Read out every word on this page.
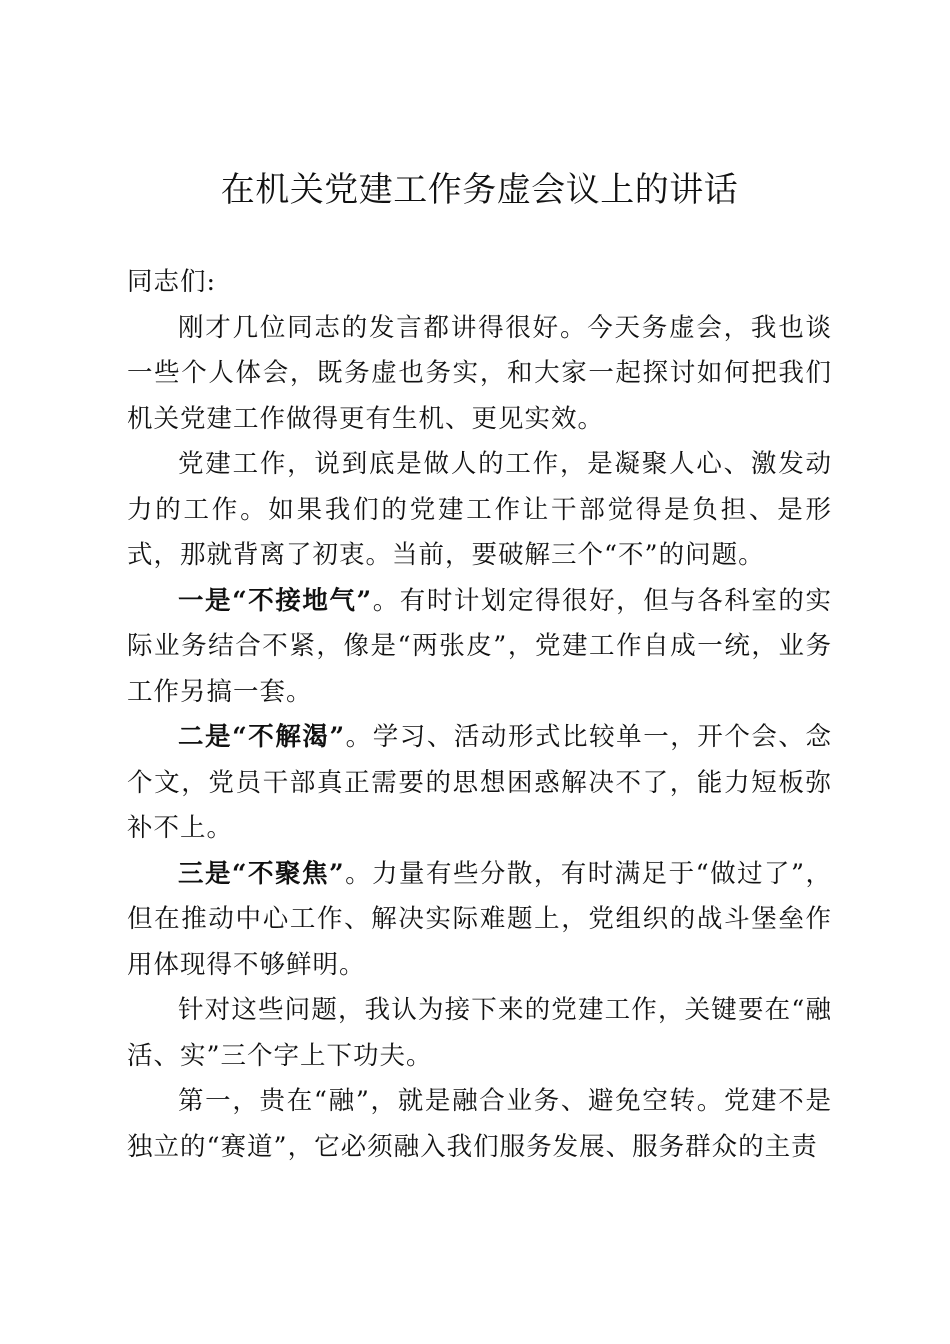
在机关党建工作务虚会议上的讲话

同志们:

刚才几位同志的发言都讲得很好。今天务虚会，我也谈一些个人体会，既务虚也务实，和大家一起探讨如何把我们机关党建工作做得更有生机、更见实效。

党建工作，说到底是做人的工作，是凝聚人心、激发动力的工作。如果我们的党建工作让干部觉得是负担、是形式，那就背离了初衷。当前，要破解三个“不”的问题。

一是“不接地气”。有时计划定得很好，但与各科室的实际业务结合不紧，像是“两张皮”，党建工作自成一统，业务工作另搞一套。

二是“不解渴”。学习、活动形式比较单一，开个会、念个文，党员干部真正需要的思想困惑解决不了，能力短板弥补不上。

三是“不聚焦”。力量有些分散，有时满足于“做过了”，但在推动中心工作、解决实际难题上，党组织的战斗堡垒作用体现得不够鲜明。

针对这些问题，我认为接下来的党建工作，关键要在“融活、实”三个字上下功夫。

第一，贵在“融”，就是融合业务、避免空转。党建不是独立的“赛道”，它必须融入我们服务发展、服务群众的主责
